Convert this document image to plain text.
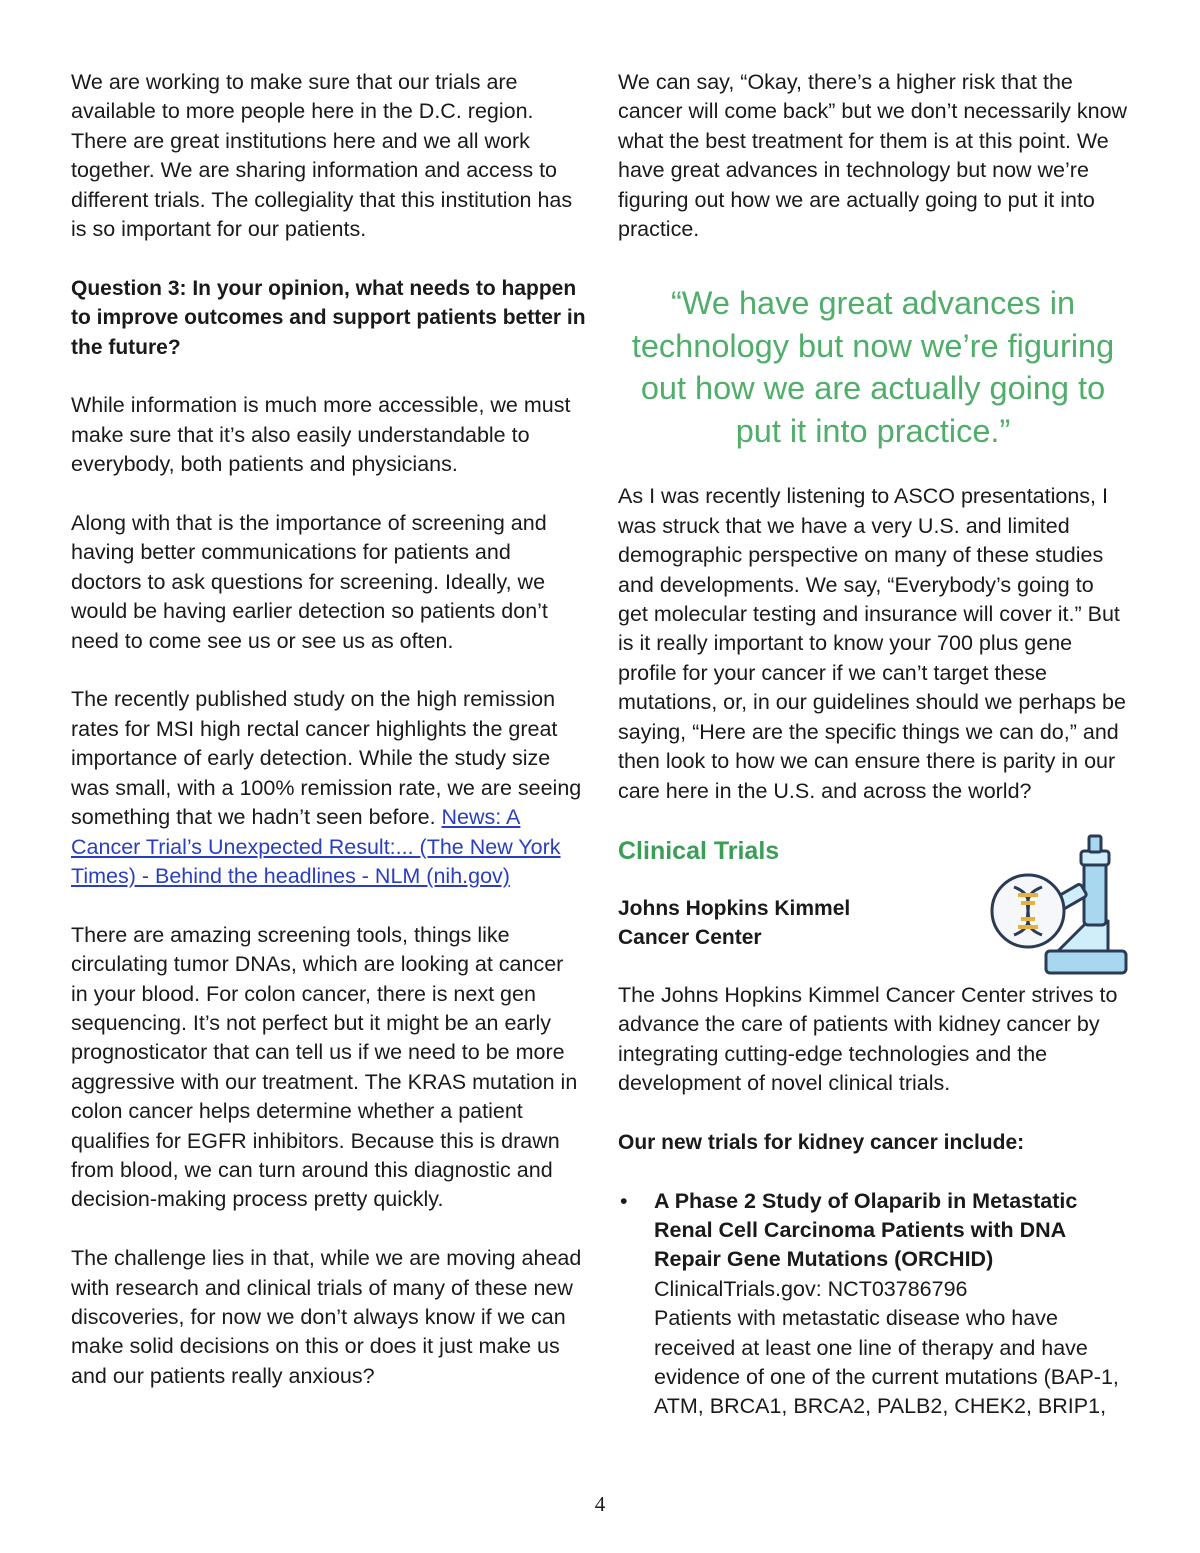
We are working to make sure that our trials are available to more people here in the D.C. region. There are great institutions here and we all work together. We are sharing information and access to different trials. The collegiality that this institution has is so important for our patients.

Question 3: In your opinion, what needs to happen to improve outcomes and support patients better in the future?

While information is much more accessible, we must make sure that it’s also easily understandable to everybody, both patients and physicians.

Along with that is the importance of screening and having better communications for patients and doctors to ask questions for screening. Ideally, we would be having earlier detection so patients don’t need to come see us or see us as often.

The recently published study on the high remission rates for MSI high rectal cancer highlights the great importance of early detection. While the study size was small, with a 100% remission rate, we are seeing something that we hadn’t seen before. News: A Cancer Trial’s Unexpected Result:... (The New York Times) - Behind the headlines - NLM (nih.gov)

There are amazing screening tools, things like circulating tumor DNAs, which are looking at cancer in your blood. For colon cancer, there is next gen sequencing. It’s not perfect but it might be an early prognosticator that can tell us if we need to be more aggressive with our treatment. The KRAS mutation in colon cancer helps determine whether a patient qualifies for EGFR inhibitors. Because this is drawn from blood, we can turn around this diagnostic and decision-making process pretty quickly.

The challenge lies in that, while we are moving ahead with research and clinical trials of many of these new discoveries, for now we don’t always know if we can make solid decisions on this or does it just make us and our patients really anxious?

We can say, “Okay, there’s a higher risk that the cancer will come back” but we don’t necessarily know what the best treatment for them is at this point. We have great advances in technology but now we’re figuring out how we are actually going to put it into practice.

“We have great advances in technology but now we’re figuring out how we are actually going to put it into practice.”

As I was recently listening to ASCO presentations, I was struck that we have a very U.S. and limited demographic perspective on many of these studies and developments. We say, “Everybody’s going to get molecular testing and insurance will cover it.” But is it really important to know your 700 plus gene profile for your cancer if we can’t target these mutations, or, in our guidelines should we perhaps be saying, “Here are the specific things we can do,” and then look to how we can ensure there is parity in our care here in the U.S. and across the world?

Clinical Trials
Johns Hopkins Kimmel
Cancer Center

The Johns Hopkins Kimmel Cancer Center strives to advance the care of patients with kidney cancer by integrating cutting-edge technologies and the development of novel clinical trials.

Our new trials for kidney cancer include:

• A Phase 2 Study of Olaparib in Metastatic Renal Cell Carcinoma Patients with DNA Repair Gene Mutations (ORCHID)
ClinicalTrials.gov: NCT03786796
Patients with metastatic disease who have received at least one line of therapy and have evidence of one of the current mutations (BAP-1, ATM, BRCA1, BRCA2, PALB2, CHEK2, BRIP1,
4
